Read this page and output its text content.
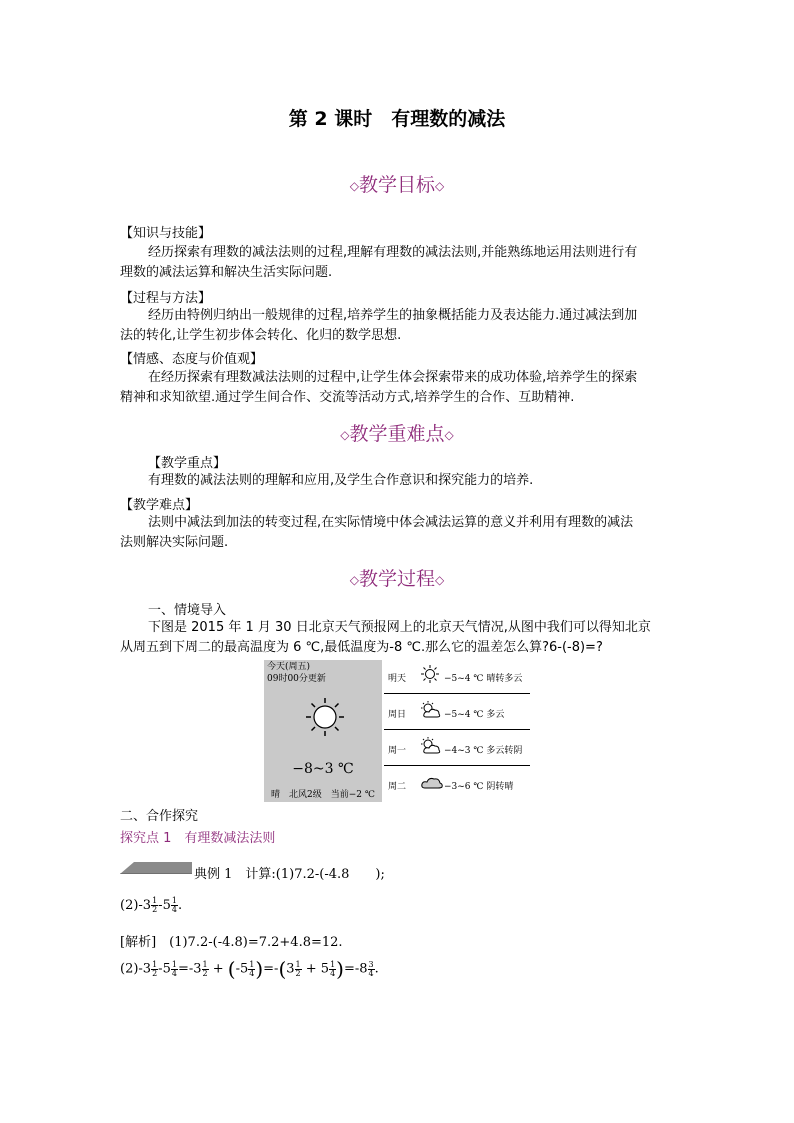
第 2 课时　有理数的减法
◇教学目标◇
【知识与技能】
经历探索有理数的减法法则的过程,理解有理数的减法法则,并能熟练地运用法则进行有
理数的减法运算和解决生活实际问题.
【过程与方法】
经历由特例归纳出一般规律的过程,培养学生的抽象概括能力及表达能力.通过减法到加
法的转化,让学生初步体会转化、化归的数学思想.
【情感、态度与价值观】
在经历探索有理数减法法则的过程中,让学生体会探索带来的成功体验,培养学生的探索
精神和求知欲望.通过学生间合作、交流等活动方式,培养学生的合作、互助精神.
◇教学重难点◇
【教学重点】
有理数的减法法则的理解和应用,及学生合作意识和探究能力的培养.
【教学难点】
法则中减法到加法的转变过程,在实际情境中体会减法运算的意义并利用有理数的减法
法则解决实际问题.
◇教学过程◇
一、情境导入
下图是 2015 年 1 月 30 日北京天气预报网上的北京天气情况,从图中我们可以得知北京
从周五到下周二的最高温度为 6 ℃,最低温度为-8 ℃.那么它的温差怎么算?6-(-8)=?
今天(周五)
09时00分更新
−8~3 ℃
晴　北风2级　当前−2 ℃
明天	−5~4 ℃ 晴转多云
周日	−5~4 ℃ 多云
周一	−4~3 ℃ 多云转阴
周二	−3~6 ℃ 阴转晴
二、合作探究
探究点 1　有理数减法法则
典例 1　计算:(1)7.2-(-4.8　　);
$(2)-3 \frac{1}{2} -5 \frac{1}{4}$ .
[解析]　(1)7.2-(-4.8)=7.2+4.8=12.
$(2)-3 \frac{1}{2} -5 \frac{1}{4} =-3 \frac{1}{2} + (-5 \frac{1}{4} )=-(3 \frac{1}{2} + 5 \frac{1}{4} )=-8 \frac{3}{4}$ .
